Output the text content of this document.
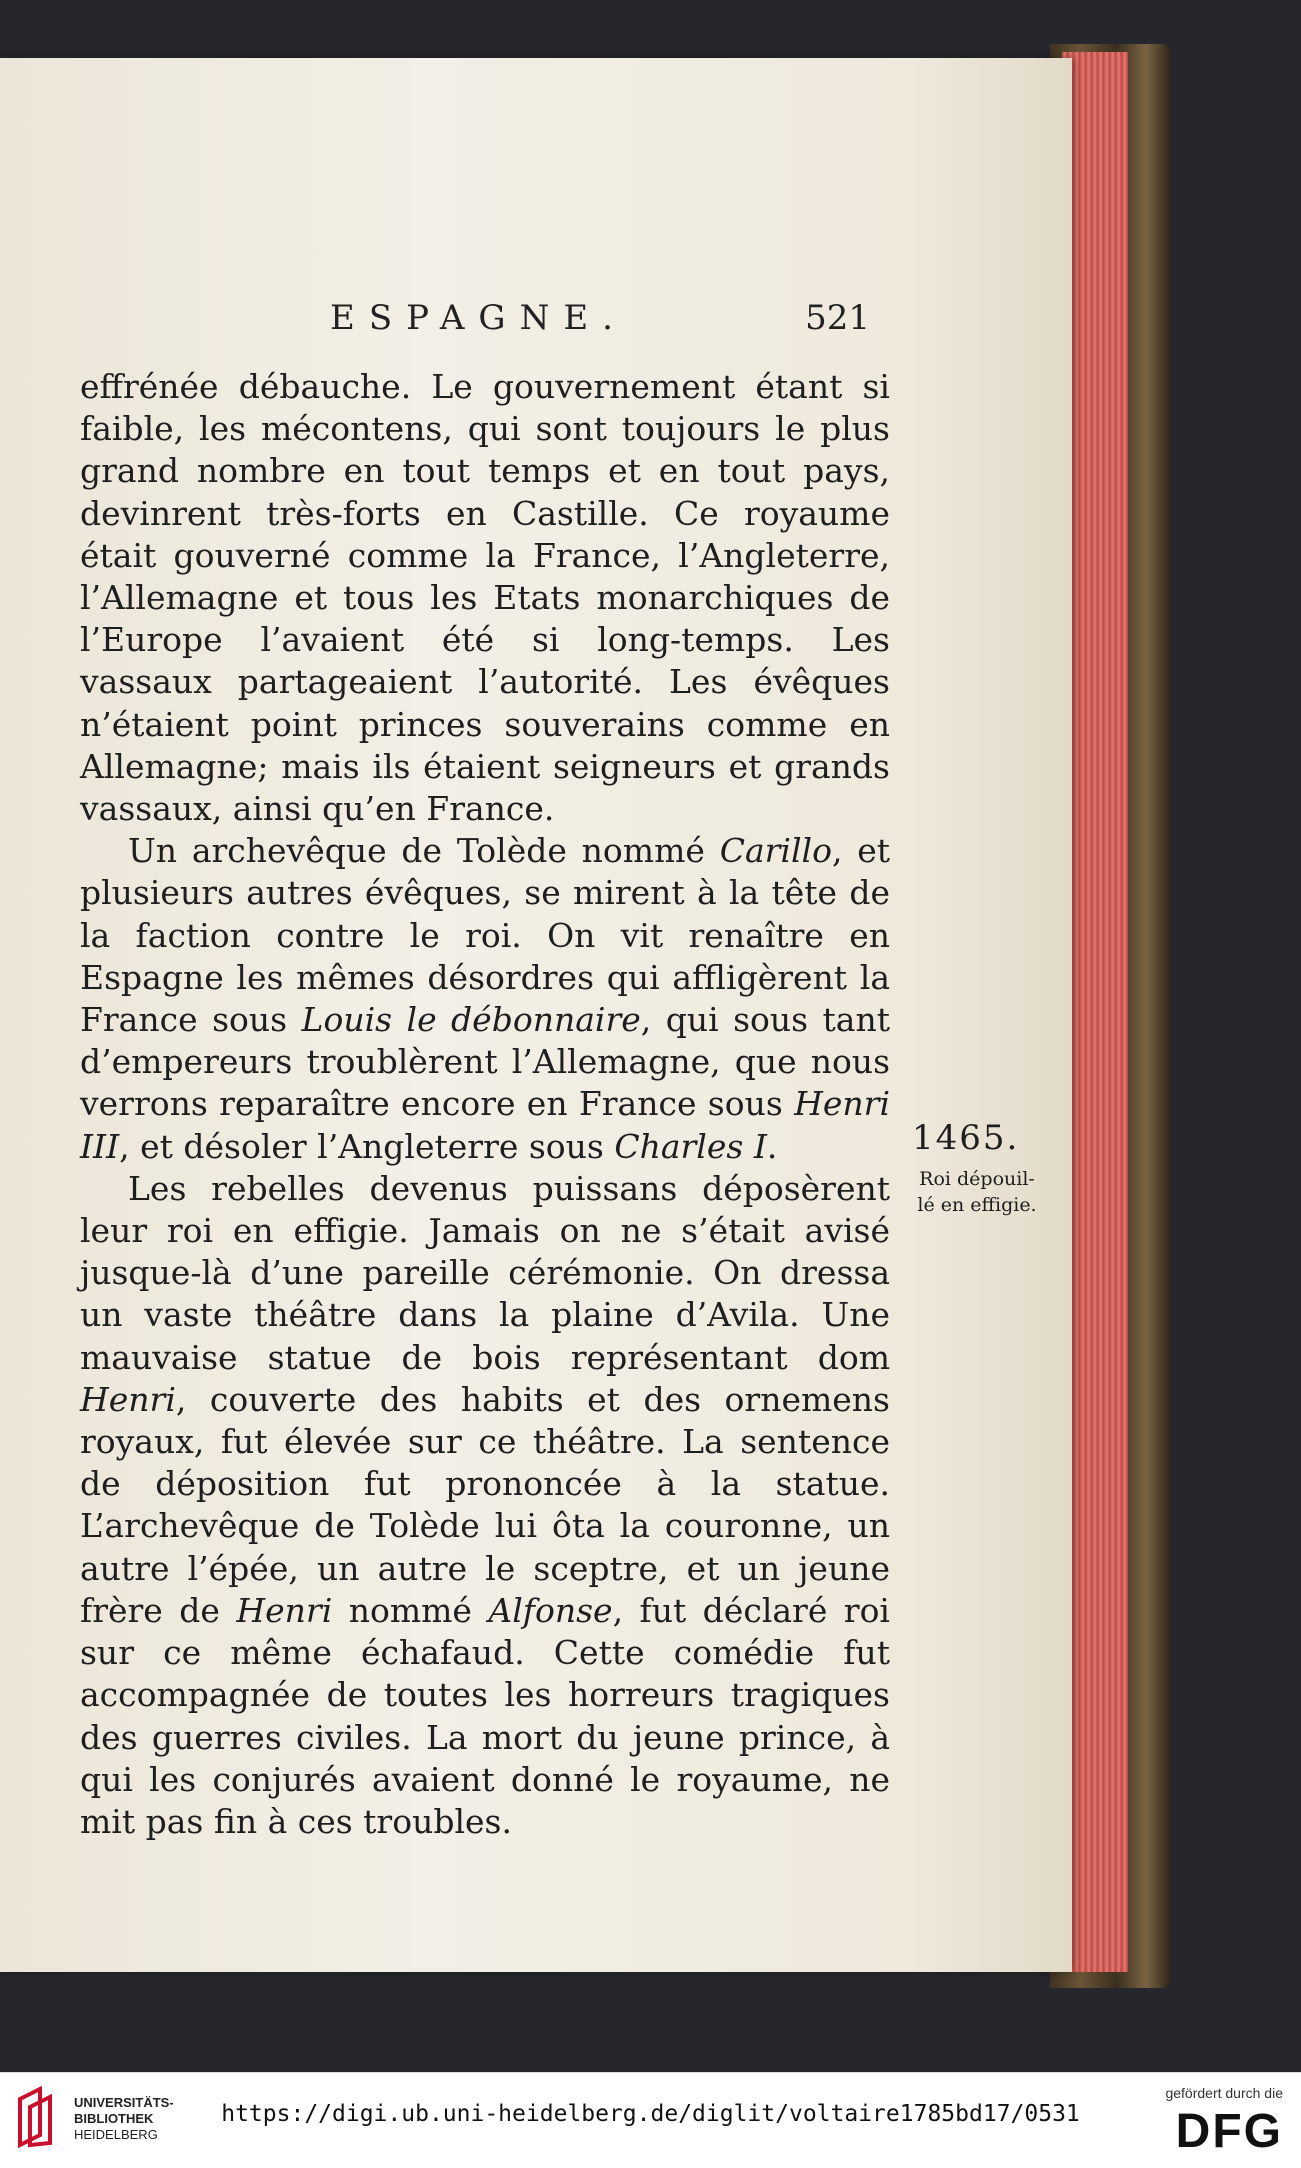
ESPAGNE.	521

effrénée débauche. Le gouvernement étant si faible, les mécontens, qui sont toujours le plus grand nombre en tout temps et en tout pays, devinrent très-forts en Castille. Ce royaume était gouverné comme la France, l’Angleterre, l’Allemagne et tous les Etats monarchiques de l’Europe l’avaient été si long-temps. Les vassaux partageaient l’autorité. Les évêques n’étaient point princes souverains comme en Allemagne; mais ils étaient seigneurs et grands vassaux, ainsi qu’en France.

Un archevêque de Tolède nommé Carillo, et plusieurs autres évêques, se mirent à la tête de la faction contre le roi. On vit renaître en Espagne les mêmes désordres qui affligèrent la France sous Louis le débonnaire, qui sous tant d’empereurs troublèrent l’Allemagne, que nous verrons reparaître encore en France sous Henri III, et désoler l’Angleterre sous Charles I.

Les rebelles devenus puissans déposèrent leur roi en effigie. Jamais on ne s’était avisé jusque-là d’une pareille cérémonie. On dressa un vaste théâtre dans la plaine d’Avila. Une mauvaise statue de bois représentant dom Henri, couverte des habits et des ornemens royaux, fut élevée sur ce théâtre. La sentence de déposition fut prononcée à la statue. L’archevêque de Tolède lui ôta la couronne, un autre l’épée, un autre le sceptre, et un jeune frère de Henri nommé Alfonse, fut déclaré roi sur ce même échafaud. Cette comédie fut accompagnée de toutes les horreurs tragiques des guerres civiles. La mort du jeune prince, à qui les conjurés avaient donné le royaume, ne mit pas fin à ces troubles.

1465.
Roi dépouil-
lé en effigie.
UNIVERSITÄTS-
BIBLIOTHEK
HEIDELBERG
https://digi.ub.uni-heidelberg.de/diglit/voltaire1785bd17/0531
gefördert durch die
DFG
